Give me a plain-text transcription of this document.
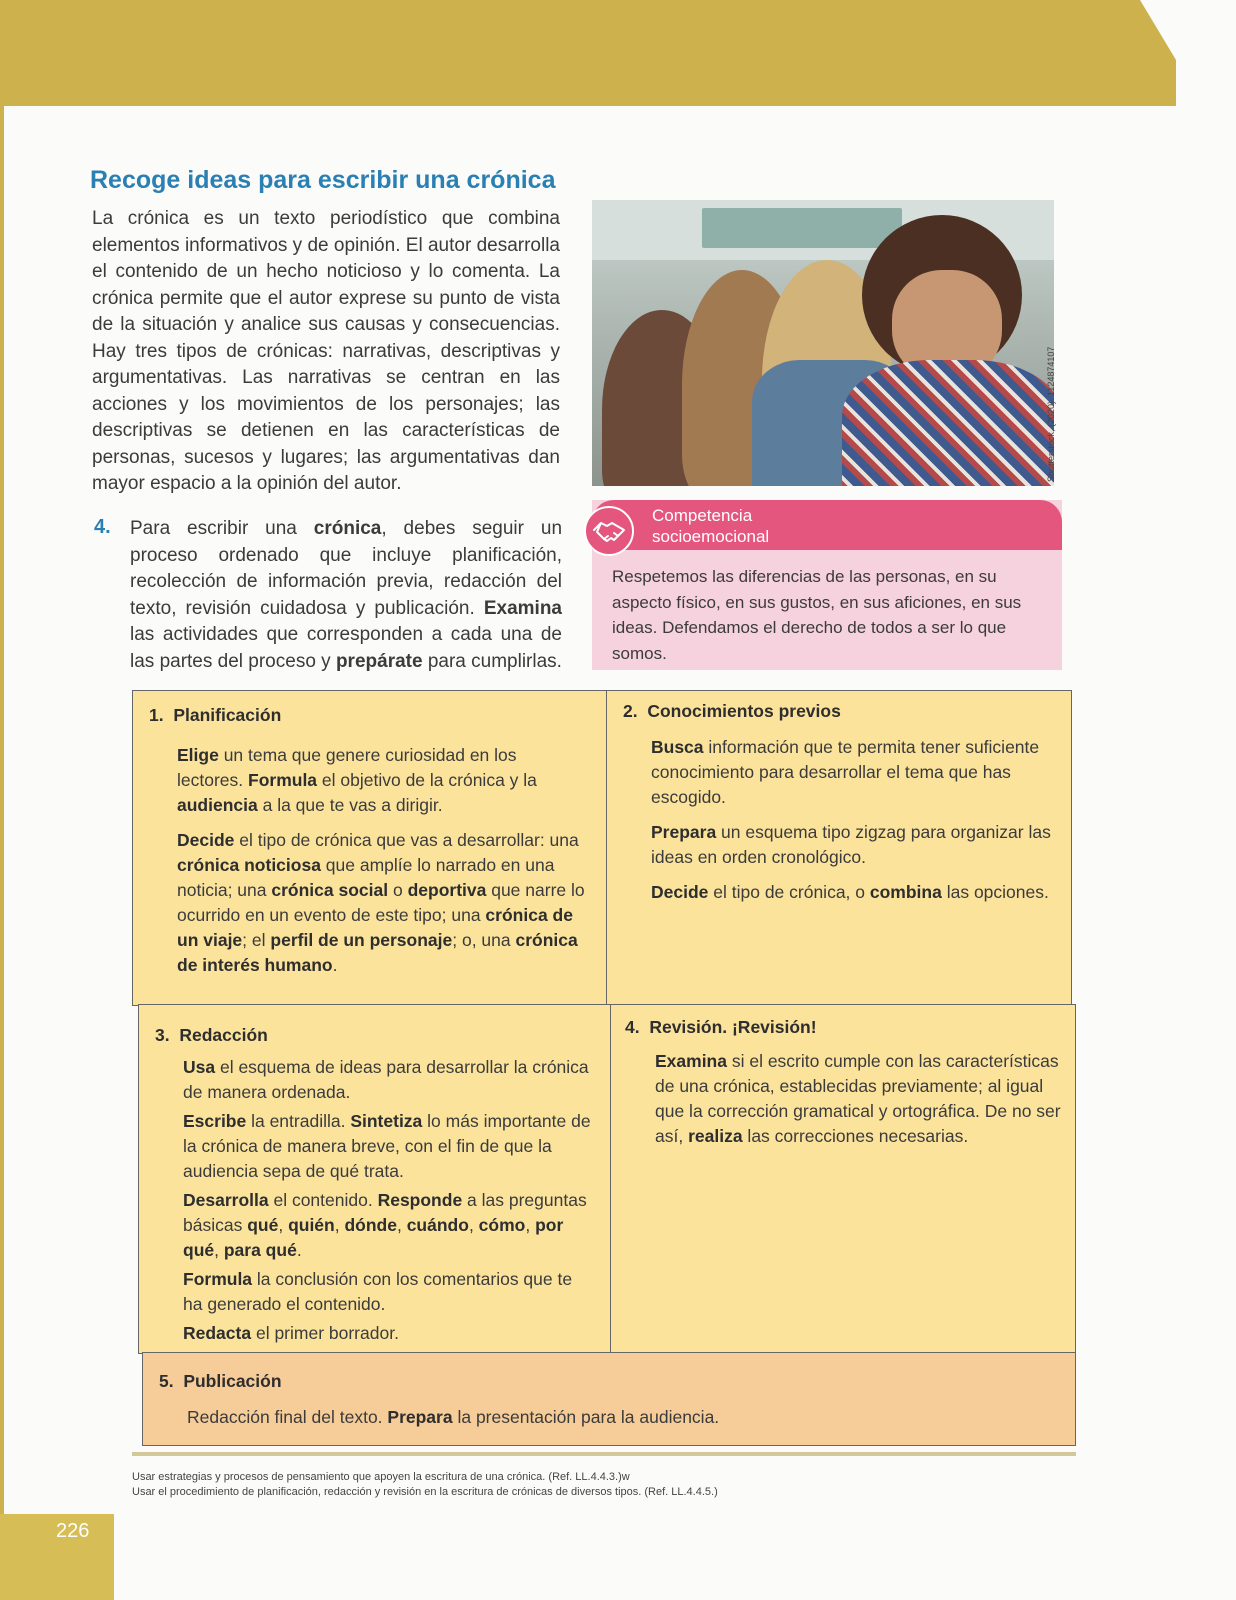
Recoge ideas para escribir una crónica

La crónica es un texto periodístico que combina elementos informativos y de opinión. El autor desarrolla el contenido de un hecho noticioso y lo comenta. La crónica permite que el autor exprese su punto de vista de la situación y analice sus causas y consecuencias. Hay tres tipos de crónicas: narrativas, descriptivas y argumentativas. Las narrativas se centran en las acciones y los movimientos de los personajes; las descriptivas se detienen en las características de personas, sucesos y lugares; las argumentativas dan mayor espacio a la opinión del autor.

Shutterstock, (2020). 1124874107
4. Para escribir una crónica, debes seguir un proceso ordenado que incluye planificación, recolección de información previa, redacción del texto, revisión cuidadosa y publicación. Examina las actividades que corresponden a cada una de las partes del proceso y prepárate para cumplirlas.

Competencia socioemocional

Respetemos las diferencias de las personas, en su aspecto físico, en sus gustos, en sus aficiones, en sus ideas. Defendamos el derecho de todos a ser lo que somos.

1.  Planificación

Elige un tema que genere curiosidad en los lectores. Formula el objetivo de la crónica y la audiencia a la que te vas a dirigir.

Decide el tipo de crónica que vas a desarrollar: una crónica noticiosa que amplíe lo narrado en una noticia; una crónica social o deportiva que narre lo ocurrido en un evento de este tipo; una crónica de un viaje; el perfil de un personaje; o, una crónica de interés humano.

2.  Conocimientos previos

Busca información que te permita tener suficiente conocimiento para desarrollar el tema que has escogido.

Prepara un esquema tipo zigzag para organizar las ideas en orden cronológico.

Decide el tipo de crónica, o combina las opciones.

3.  Redacción

Usa el esquema de ideas para desarrollar la crónica de manera ordenada.

Escribe la entradilla. Sintetiza lo más importante de la crónica de manera breve, con el fin de que la audiencia sepa de qué trata.

Desarrolla el contenido. Responde a las preguntas básicas qué, quién, dónde, cuándo, cómo, por qué, para qué.

Formula la conclusión con los comentarios que te ha generado el contenido.

Redacta el primer borrador.

4.  Revisión. ¡Revisión!

Examina si el escrito cumple con las características de una crónica, establecidas previamente; al igual que la corrección gramatical y ortográfica. De no ser así, realiza las correcciones necesarias.

5.  Publicación

Redacción final del texto. Prepara la presentación para la audiencia.

Usar estrategias y procesos de pensamiento que apoyen la escritura de una crónica. (Ref. LL.4.4.3.)w
Usar el procedimiento de planificación, redacción y revisión en la escritura de crónicas de diversos tipos. (Ref. LL.4.4.5.)
226
